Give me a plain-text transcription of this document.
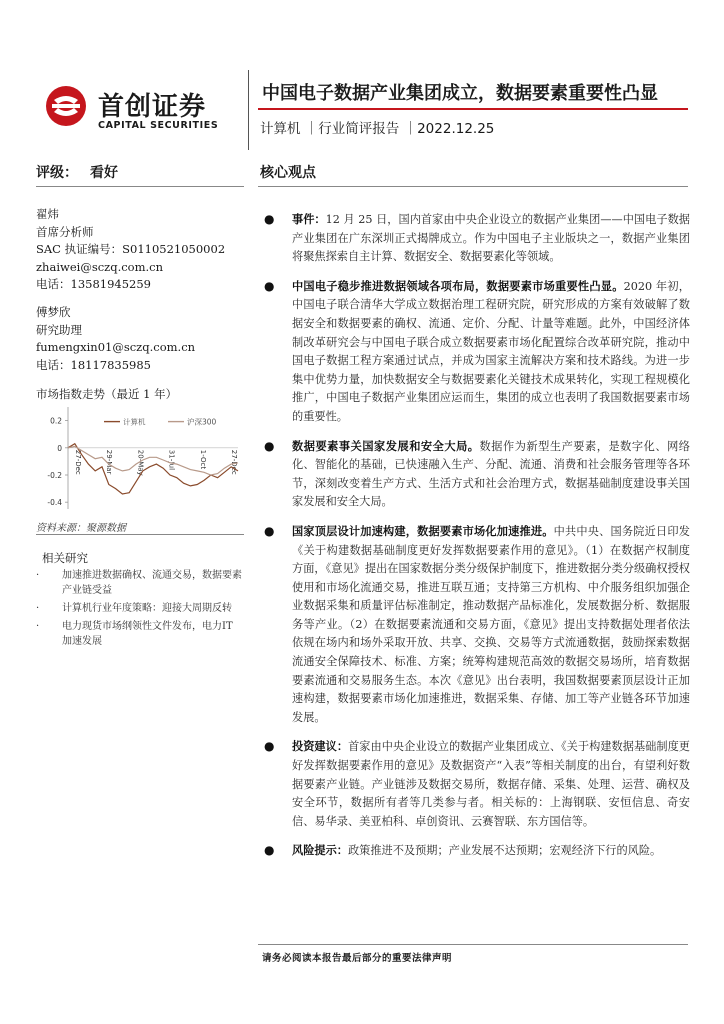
首创证券
CAPITAL SECURITIES
中国电子数据产业集团成立，数据要素重要性凸显
计算机 ｜行业简评报告 ｜2022.12.25
评级： 看好	核心观点
翟炜
首席分析师
SAC 执证编号：S0110521050002
zhaiwei@sczq.com.cn
电话：13581945259
傅梦欣
研究助理
fumengxin01@sczq.com.cn
电话：18117835985
市场指数走势（最近 1 年）
0.2
0
-0.2
-0.4
27-Dec	29-Mar	20-May	31-Jul	1-Oct	27-Dec
计算机	沪深300
资料来源：聚源数据
相关研究
· 加速推进数据确权、流通交易，数据要素产业链受益
· 计算机行业年度策略：迎接大周期反转
· 电力现货市场纲领性文件发布，电力IT 加速发展
● 事件：12 月 25 日，国内首家由中央企业设立的数据产业集团——中国电子数据产业集团在广东深圳正式揭牌成立。作为中国电子主业版块之一，数据产业集团将聚焦探索自主计算、数据安全、数据要素化等领域。
● 中国电子稳步推进数据领域各项布局，数据要素市场重要性凸显。2020 年初，中国电子联合清华大学成立数据治理工程研究院，研究形成的方案有效破解了数据安全和数据要素的确权、流通、定价、分配、计量等难题。此外，中国经济体制改革研究会与中国电子联合成立数据要素市场化配置综合改革研究院，推动中国电子数据工程方案通过试点，并成为国家主流解决方案和技术路线。为进一步集中优势力量，加快数据安全与数据要素化关键技术成果转化，实现工程规模化推广，中国电子数据产业集团应运而生，集团的成立也表明了我国数据要素市场的重要性。
● 数据要素事关国家发展和安全大局。数据作为新型生产要素，是数字化、网络化、智能化的基础，已快速融入生产、分配、流通、消费和社会服务管理等各环节，深刻改变着生产方式、生活方式和社会治理方式，数据基础制度建设事关国家发展和安全大局。
● 国家顶层设计加速构建，数据要素市场化加速推进。中共中央、国务院近日印发《关于构建数据基础制度更好发挥数据要素作用的意见》。（1）在数据产权制度方面，《意见》提出在国家数据分类分级保护制度下，推进数据分类分级确权授权使用和市场化流通交易，推进互联互通；支持第三方机构、中介服务组织加强企业数据采集和质量评估标准制定，推动数据产品标准化，发展数据分析、数据服务等产业。（2）在数据要素流通和交易方面，《意见》提出支持数据处理者依法依规在场内和场外采取开放、共享、交换、交易等方式流通数据，鼓励探索数据流通安全保障技术、标准、方案；统筹构建规范高效的数据交易场所，培育数据要素流通和交易服务生态。本次《意见》出台表明，我国数据要素顶层设计正加速构建，数据要素市场化加速推进，数据采集、存储、加工等产业链各环节加速发展。
● 投资建议：首家由中央企业设立的数据产业集团成立、《关于构建数据基础制度更好发挥数据要素作用的意见》及数据资产“入表”等相关制度的出台，有望利好数据要素产业链。产业链涉及数据交易所，数据存储、采集、处理、运营、确权及安全环节，数据所有者等几类参与者。相关标的：上海钢联、安恒信息、奇安信、易华录、美亚柏科、卓创资讯、云赛智联、东方国信等。
● 风险提示：政策推进不及预期；产业发展不达预期；宏观经济下行的风险。
请务必阅读本报告最后部分的重要法律声明
